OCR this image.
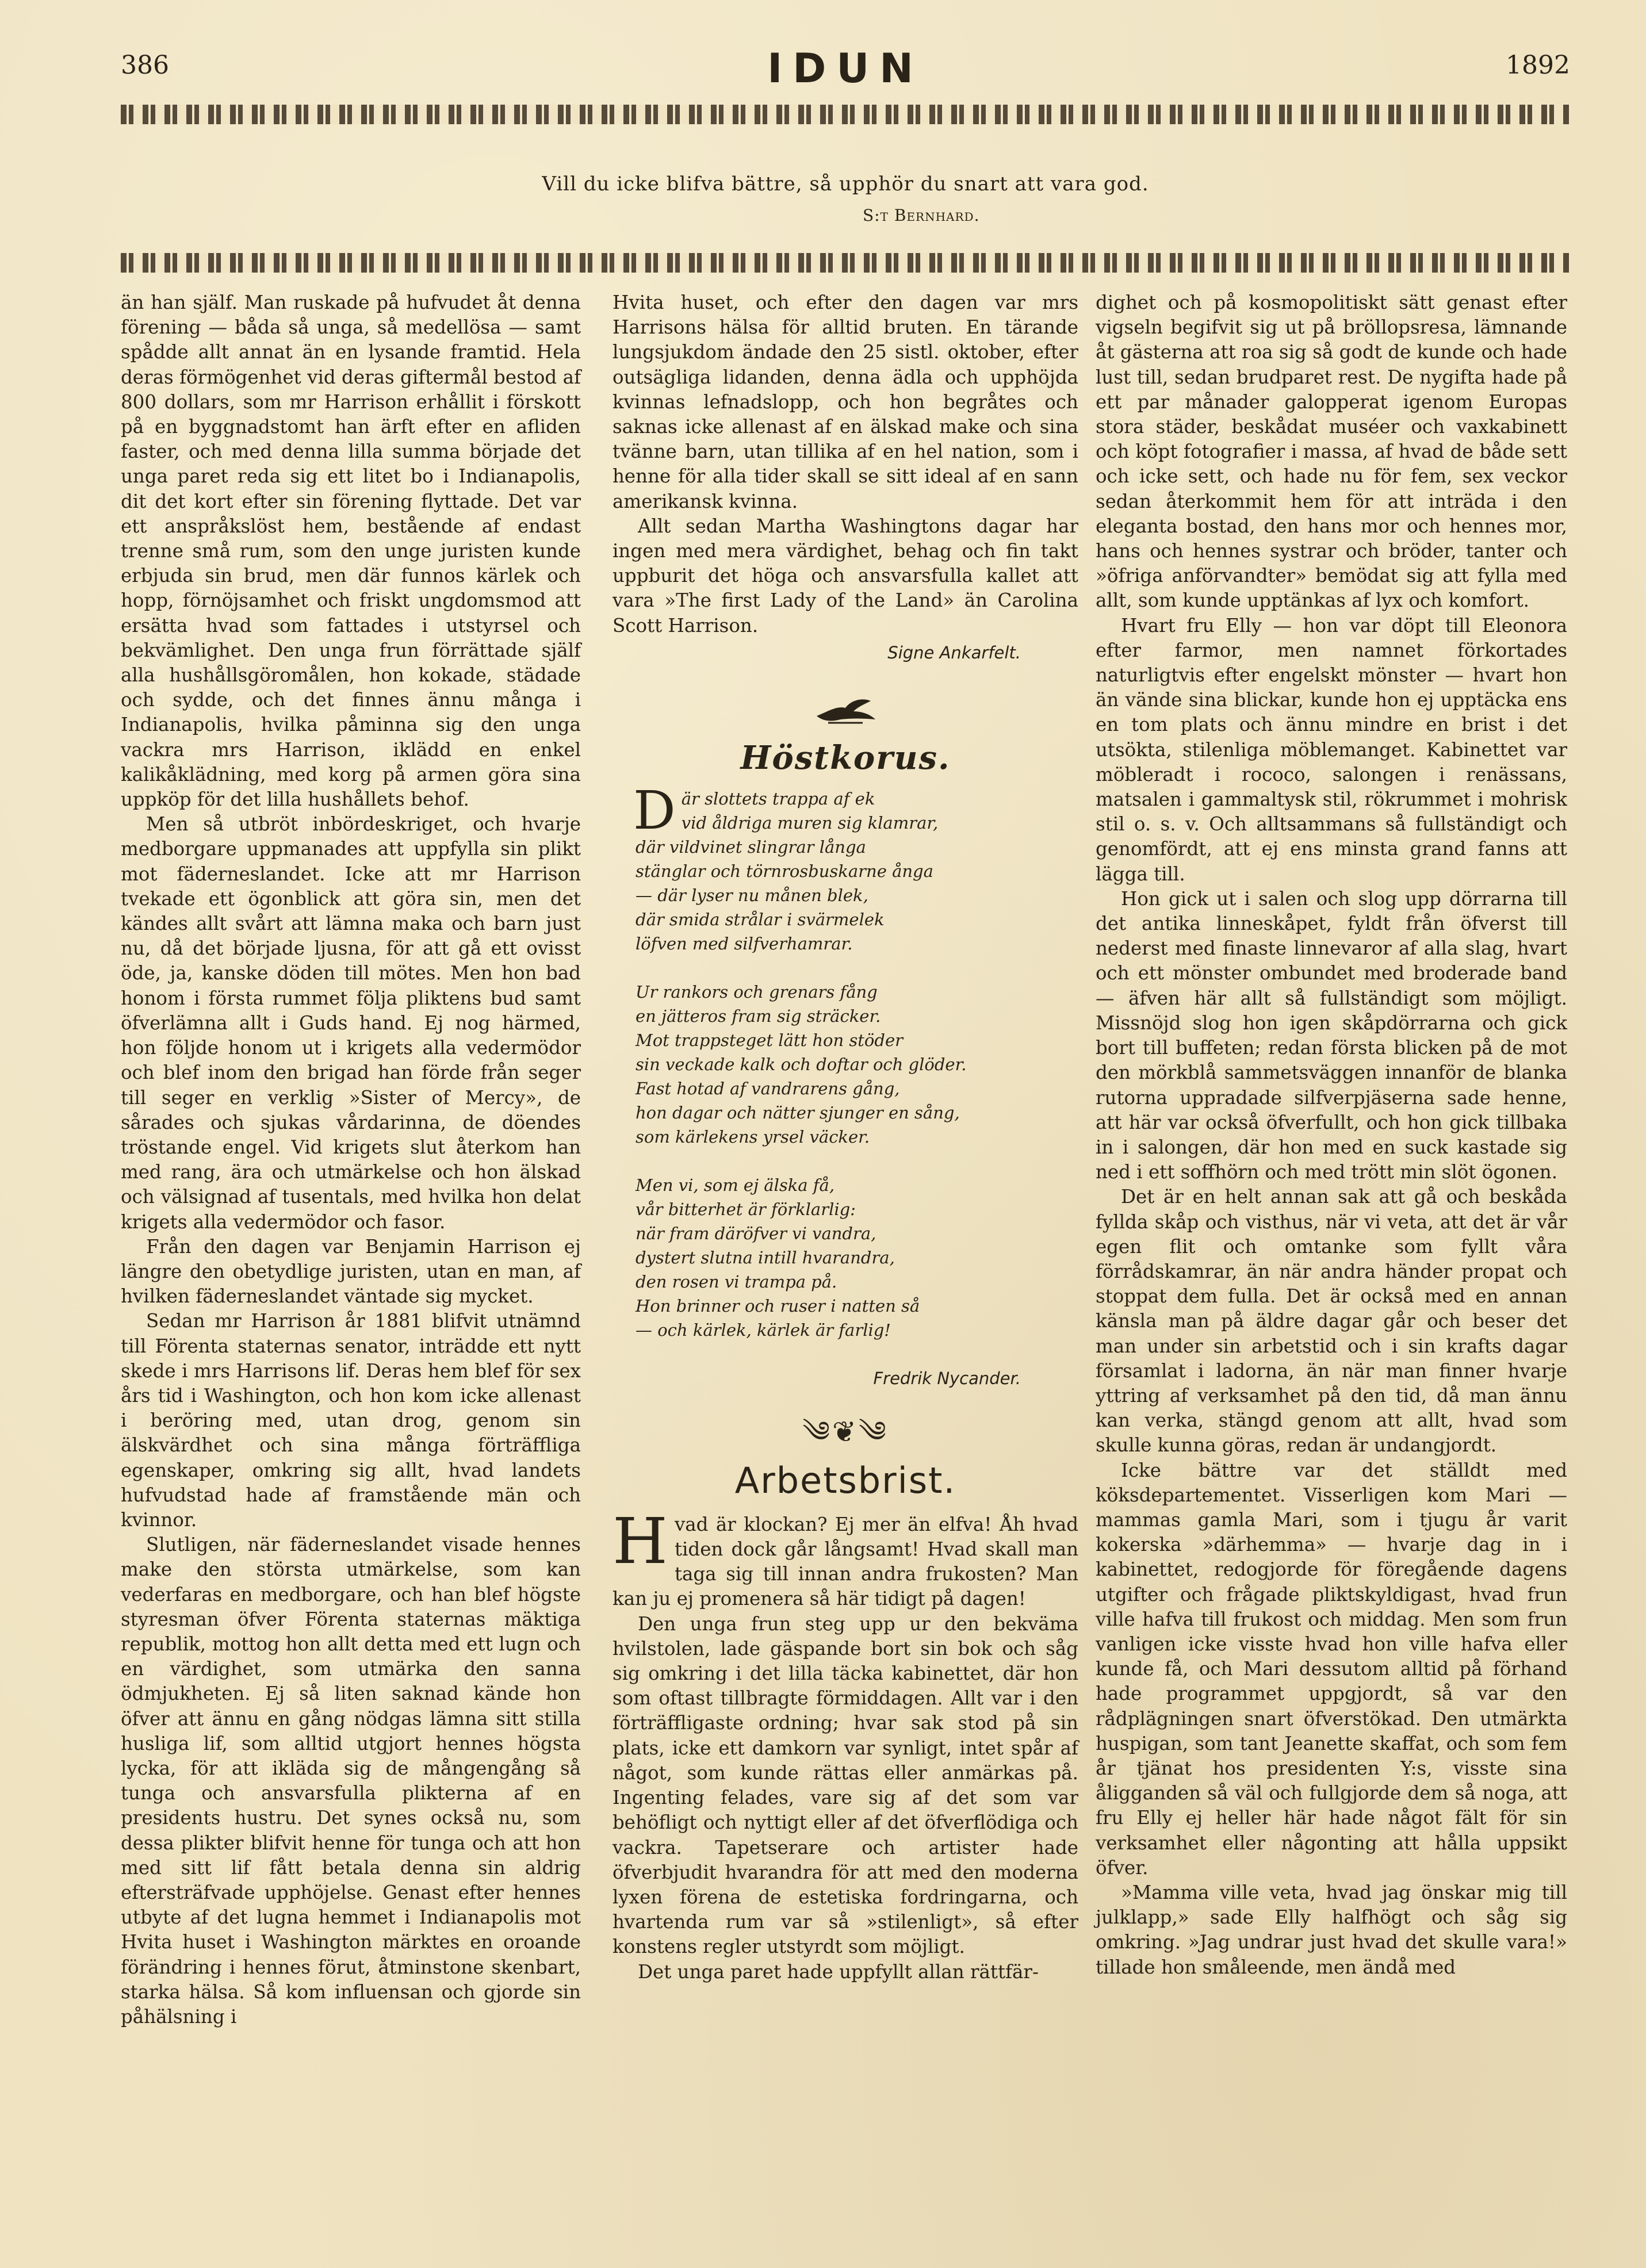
386	IDUN	1892
Vill du icke blifva bättre, så upphör du snart att vara god.
S:t Bernhard.

än han själf. Man ruskade på hufvudet åt denna förening — båda så unga, så medellösa — samt spådde allt annat än en lysande framtid. Hela deras förmögenhet vid deras giftermål bestod af 800 dollars, som mr Harrison erhållit i förskott på en byggnadstomt han ärft efter en afliden faster, och med denna lilla summa började det unga paret reda sig ett litet bo i Indianapolis, dit det kort efter sin förening flyttade. Det var ett anspråkslöst hem, bestående af endast trenne små rum, som den unge juristen kunde erbjuda sin brud, men där funnos kärlek och hopp, förnöjsamhet och friskt ungdomsmod att ersätta hvad som fattades i utstyrsel och bekvämlighet. Den unga frun förrättade själf alla hushållsgöromålen, hon kokade, städade och sydde, och det finnes ännu många i Indianapolis, hvilka påminna sig den unga vackra mrs Harrison, iklädd en enkel kalikåklädning, med korg på armen göra sina uppköp för det lilla hushållets behof.

Men så utbröt inbördeskriget, och hvarje medborgare uppmanades att uppfylla sin plikt mot fäderneslandet. Icke att mr Harrison tvekade ett ögonblick att göra sin, men det kändes allt svårt att lämna maka och barn just nu, då det började ljusna, för att gå ett ovisst öde, ja, kanske döden till mötes. Men hon bad honom i första rummet följa pliktens bud samt öfverlämna allt i Guds hand. Ej nog härmed, hon följde honom ut i krigets alla vedermödor och blef inom den brigad han förde från seger till seger en verklig »Sister of Mercy», de sårades och sjukas vårdarinna, de döendes tröstande engel. Vid krigets slut återkom han med rang, ära och utmärkelse och hon älskad och välsignad af tusentals, med hvilka hon delat krigets alla vedermödor och fasor.

Från den dagen var Benjamin Harrison ej längre den obetydlige juristen, utan en man, af hvilken fäderneslandet väntade sig mycket.

Sedan mr Harrison år 1881 blifvit utnämnd till Förenta staternas senator, inträdde ett nytt skede i mrs Harrisons lif. Deras hem blef för sex års tid i Washington, och hon kom icke allenast i beröring med, utan drog, genom sin älskvärdhet och sina många förträffliga egenskaper, omkring sig allt, hvad landets hufvudstad hade af framstående män och kvinnor.

Slutligen, när fäderneslandet visade hennes make den största utmärkelse, som kan vederfaras en medborgare, och han blef högste styresman öfver Förenta staternas mäktiga republik, mottog hon allt detta med ett lugn och en värdighet, som utmärka den sanna ödmjukheten. Ej så liten saknad kände hon öfver att ännu en gång nödgas lämna sitt stilla husliga lif, som alltid utgjort hennes högsta lycka, för att ikläda sig de mångengång så tunga och ansvarsfulla plikterna af en presidents hustru. Det synes också nu, som dessa plikter blifvit henne för tunga och att hon med sitt lif fått betala denna sin aldrig eftersträfvade upphöjelse. Genast efter hennes utbyte af det lugna hemmet i Indianapolis mot Hvita huset i Washington märktes en oroande förändring i hennes förut, åtminstone skenbart, starka hälsa. Så kom influensan och gjorde sin påhälsning i

Hvita huset, och efter den dagen var mrs Harrisons hälsa för alltid bruten. En tärande lungsjukdom ändade den 25 sistl. oktober, efter outsägliga lidanden, denna ädla och upphöjda kvinnas lefnadslopp, och hon begråtes och saknas icke allenast af en älskad make och sina tvänne barn, utan tillika af en hel nation, som i henne för alla tider skall se sitt ideal af en sann amerikansk kvinna.

Allt sedan Martha Washingtons dagar har ingen med mera värdighet, behag och fin takt uppburit det höga och ansvarsfulla kallet att vara »The first Lady of the Land» än Carolina Scott Harrison.

Signe Ankarfelt.
Höstkorus.
D är slottets trappa af ek
vid åldriga muren sig klamrar,
där vildvinet slingrar långa
stänglar och törnrosbuskarne ånga
— där lyser nu månen blek,
där smida strålar i svärmelek
löfven med silfverhamrar.
Ur rankors och grenars fång
en jätteros fram sig sträcker.
Mot trappsteget lätt hon stöder
sin veckade kalk och doftar och glöder.
Fast hotad af vandrarens gång,
hon dagar och nätter sjunger en sång,
som kärlekens yrsel väcker.
Men vi, som ej älska få,
vår bitterhet är förklarlig:
när fram däröfver vi vandra,
dystert slutna intill hvarandra,
den rosen vi trampa på.
Hon brinner och ruser i natten så
— och kärlek, kärlek är farlig!
Fredrik Nycander.
༄❦༄
Arbetsbrist.

Hvad är klockan? Ej mer än elfva! Åh hvad tiden dock går långsamt! Hvad skall man taga sig till innan andra frukosten? Man kan ju ej promenera så här tidigt på dagen!

Den unga frun steg upp ur den bekväma hvilstolen, lade gäspande bort sin bok och såg sig omkring i det lilla täcka kabinettet, där hon som oftast tillbragte förmiddagen. Allt var i den förträffligaste ordning; hvar sak stod på sin plats, icke ett damkorn var synligt, intet spår af något, som kunde rättas eller anmärkas på. Ingenting felades, vare sig af det som var behöfligt och nyttigt eller af det öfverflödiga och vackra. Tapetserare och artister hade öfverbjudit hvarandra för att med den moderna lyxen förena de estetiska fordringarna, och hvartenda rum var så »stilenligt», så efter konstens regler utstyrdt som möjligt.

Det unga paret hade uppfyllt allan rättfär-

dighet och på kosmopolitiskt sätt genast efter vigseln begifvit sig ut på bröllopsresa, lämnande åt gästerna att roa sig så godt de kunde och hade lust till, sedan brudparet rest. De nygifta hade på ett par månader galopperat igenom Europas stora städer, beskådat muséer och vaxkabinett och köpt fotografier i massa, af hvad de både sett och icke sett, och hade nu för fem, sex veckor sedan återkommit hem för att inträda i den eleganta bostad, den hans mor och hennes mor, hans och hennes systrar och bröder, tanter och »öfriga anförvandter» bemödat sig att fylla med allt, som kunde upptänkas af lyx och komfort.

Hvart fru Elly — hon var döpt till Eleonora efter farmor, men namnet förkortades naturligtvis efter engelskt mönster — hvart hon än vände sina blickar, kunde hon ej upptäcka ens en tom plats och ännu mindre en brist i det utsökta, stilenliga möblemanget. Kabinettet var möbleradt i rococo, salongen i renässans, matsalen i gammaltysk stil, rökrummet i mohrisk stil o. s. v. Och alltsammans så fullständigt och genomfördt, att ej ens minsta grand fanns att lägga till.

Hon gick ut i salen och slog upp dörrarna till det antika linneskåpet, fyldt från öfverst till nederst med finaste linnevaror af alla slag, hvart och ett mönster ombundet med broderade band — äfven här allt så fullständigt som möjligt. Missnöjd slog hon igen skåpdörrarna och gick bort till buffeten; redan första blicken på de mot den mörkblå sammetsväggen innanför de blanka rutorna uppradade silfverpjäserna sade henne, att här var också öfverfullt, och hon gick tillbaka in i salongen, där hon med en suck kastade sig ned i ett soffhörn och med trött min slöt ögonen.

Det är en helt annan sak att gå och beskåda fyllda skåp och visthus, när vi veta, att det är vår egen flit och omtanke som fyllt våra förrådskamrar, än när andra händer propat och stoppat dem fulla. Det är också med en annan känsla man på äldre dagar går och beser det man under sin arbetstid och i sin krafts dagar församlat i ladorna, än när man finner hvarje yttring af verksamhet på den tid, då man ännu kan verka, stängd genom att allt, hvad som skulle kunna göras, redan är undangjordt.

Icke bättre var det ställdt med köksdepartementet. Visserligen kom Mari — mammas gamla Mari, som i tjugu år varit kokerska »därhemma» — hvarje dag in i kabinettet, redogjorde för föregående dagens utgifter och frågade pliktskyldigast, hvad frun ville hafva till frukost och middag. Men som frun vanligen icke visste hvad hon ville hafva eller kunde få, och Mari dessutom alltid på förhand hade programmet uppgjordt, så var den rådplägningen snart öfverstökad. Den utmärkta huspigan, som tant Jeanette skaffat, och som fem år tjänat hos presidenten Y:s, visste sina åligganden så väl och fullgjorde dem så noga, att fru Elly ej heller här hade något fält för sin verksamhet eller någonting att hålla uppsikt öfver.

»Mamma ville veta, hvad jag önskar mig till julklapp,» sade Elly halfhögt och såg sig omkring. »Jag undrar just hvad det skulle vara!» tillade hon småleende, men ändå med
